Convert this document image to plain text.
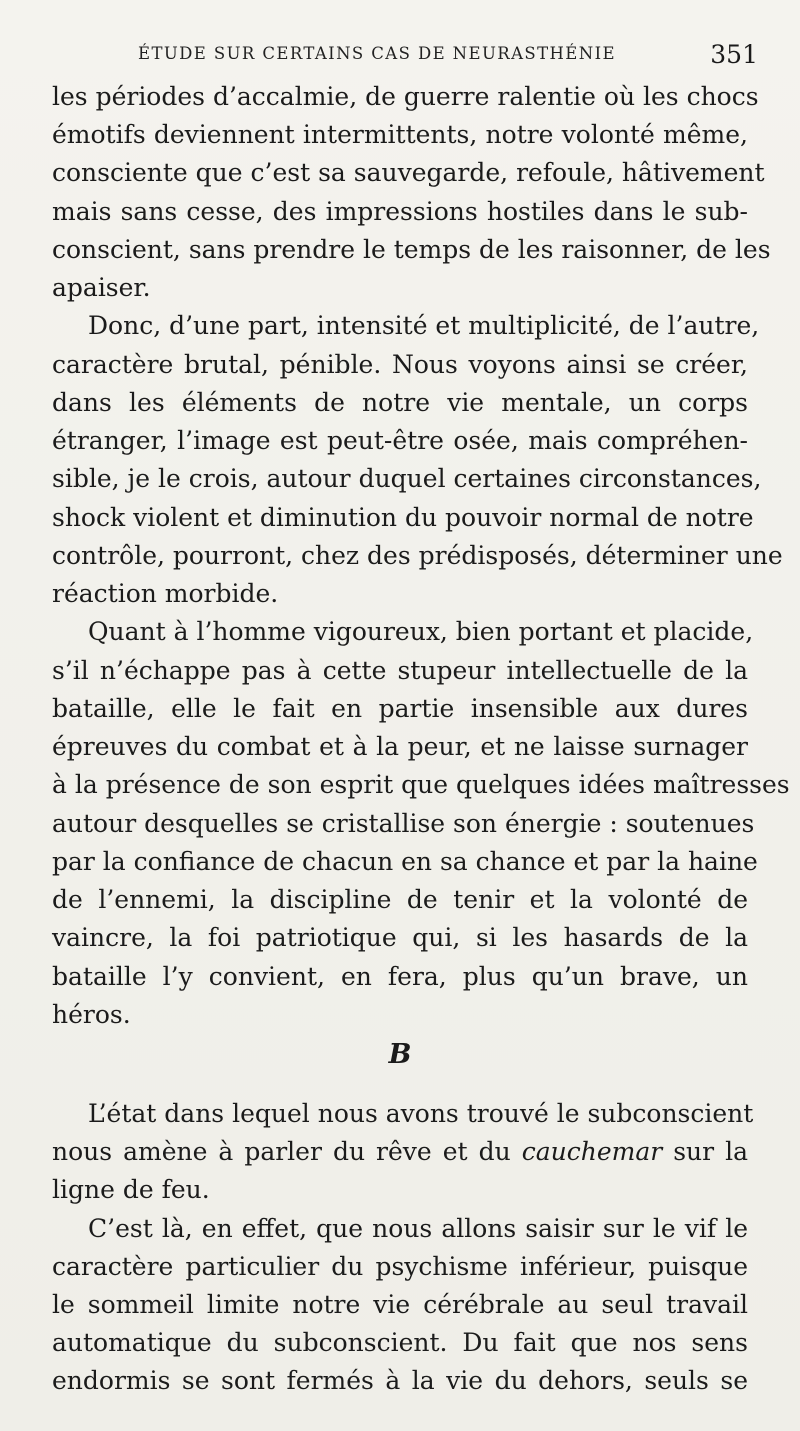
ÉTUDE SUR CERTAINS CAS DE NEURASTHÉNIE	351
les périodes d’accalmie, de guerre ralentie où les chocs
émotifs deviennent intermittents, notre volonté même,
consciente que c’est sa sauvegarde, refoule, hâtivement
mais sans cesse, des impressions hostiles dans le sub-
conscient, sans prendre le temps de les raisonner, de les
apaiser.
Donc, d’une part, intensité et multiplicité, de l’autre,
caractère brutal, pénible. Nous voyons ainsi se créer,
dans les éléments de notre vie mentale, un corps
étranger, l’image est peut-être osée, mais compréhen-
sible, je le crois, autour duquel certaines circonstances,
shock violent et diminution du pouvoir normal de notre
contrôle, pourront, chez des prédisposés, déterminer une
réaction morbide.
Quant à l’homme vigoureux, bien portant et placide,
s’il n’échappe pas à cette stupeur intellectuelle de la
bataille, elle le fait en partie insensible aux dures
épreuves du combat et à la peur, et ne laisse surnager
à la présence de son esprit que quelques idées maîtresses
autour desquelles se cristallise son énergie : soutenues
par la confiance de chacun en sa chance et par la haine
de l’ennemi, la discipline de tenir et la volonté de
vaincre, la foi patriotique qui, si les hasards de la
bataille l’y convient, en fera, plus qu’un brave, un
héros.
B
L’état dans lequel nous avons trouvé le subconscient
nous amène à parler du rêve et du cauchemar sur la
ligne de feu.
C’est là, en effet, que nous allons saisir sur le vif le
caractère particulier du psychisme inférieur, puisque
le sommeil limite notre vie cérébrale au seul travail
automatique du subconscient. Du fait que nos sens
endormis se sont fermés à la vie du dehors, seuls se
